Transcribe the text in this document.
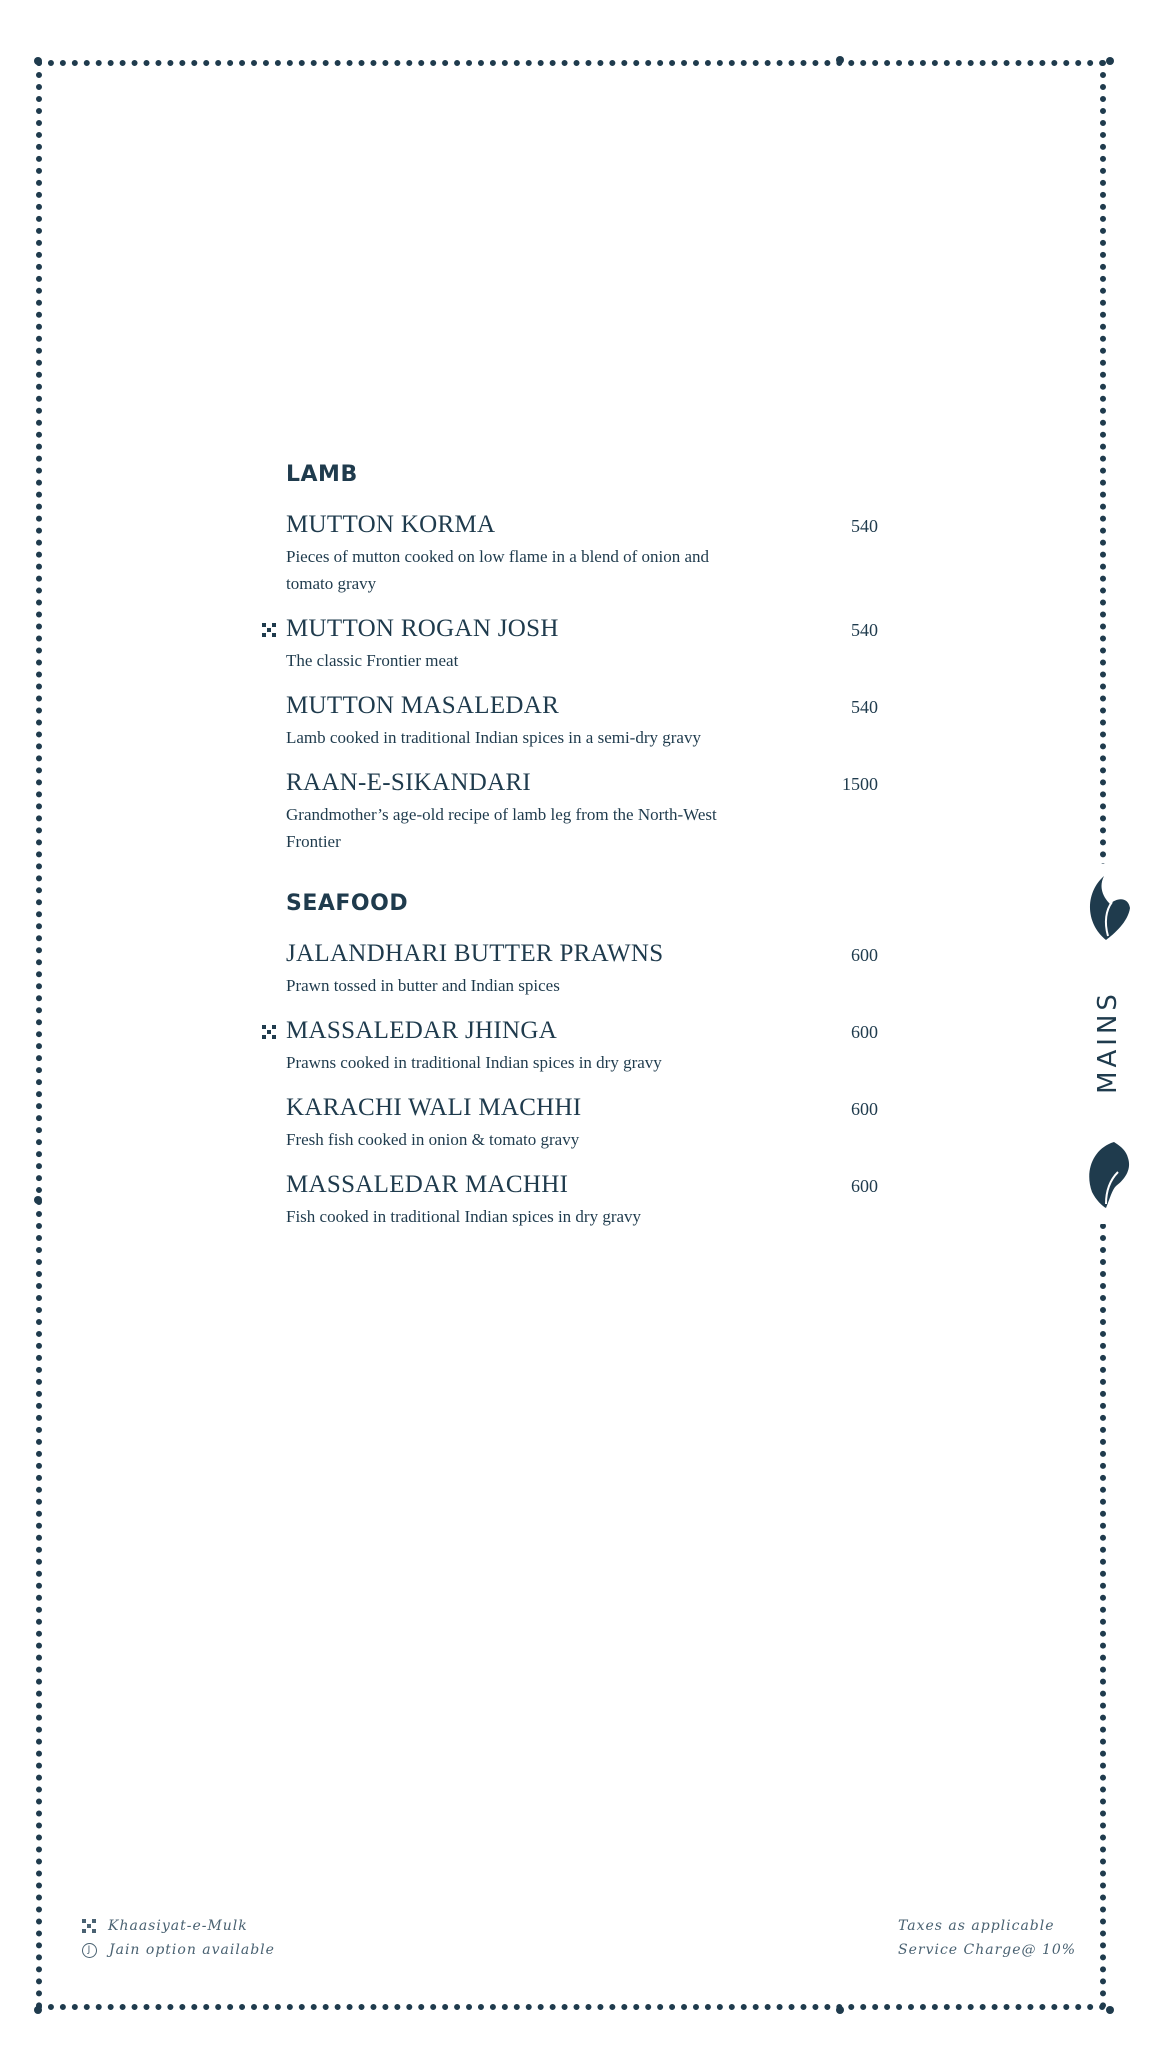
LAMB
MUTTON KORMA	540
Pieces of mutton cooked on low flame in a blend of onion and tomato gravy
MUTTON ROGAN JOSH	540
The classic Frontier meat
MUTTON MASALEDAR	540
Lamb cooked in traditional Indian spices in a semi-dry gravy
RAAN-E-SIKANDARI	1500
Grandmother’s age-old recipe of lamb leg from the North-West Frontier
SEAFOOD
JALANDHARI BUTTER PRAWNS	600
Prawn tossed in butter and Indian spices
MASSALEDAR JHINGA	600
Prawns cooked in traditional Indian spices in dry gravy
KARACHI WALI MACHHI	600
Fresh fish cooked in onion & tomato gravy
MASSALEDAR MACHHI	600
Fish cooked in traditional Indian spices in dry gravy
MAINS
Khaasiyat-e-Mulk
J	Jain option available
Taxes as applicable
Service Charge@ 10%
